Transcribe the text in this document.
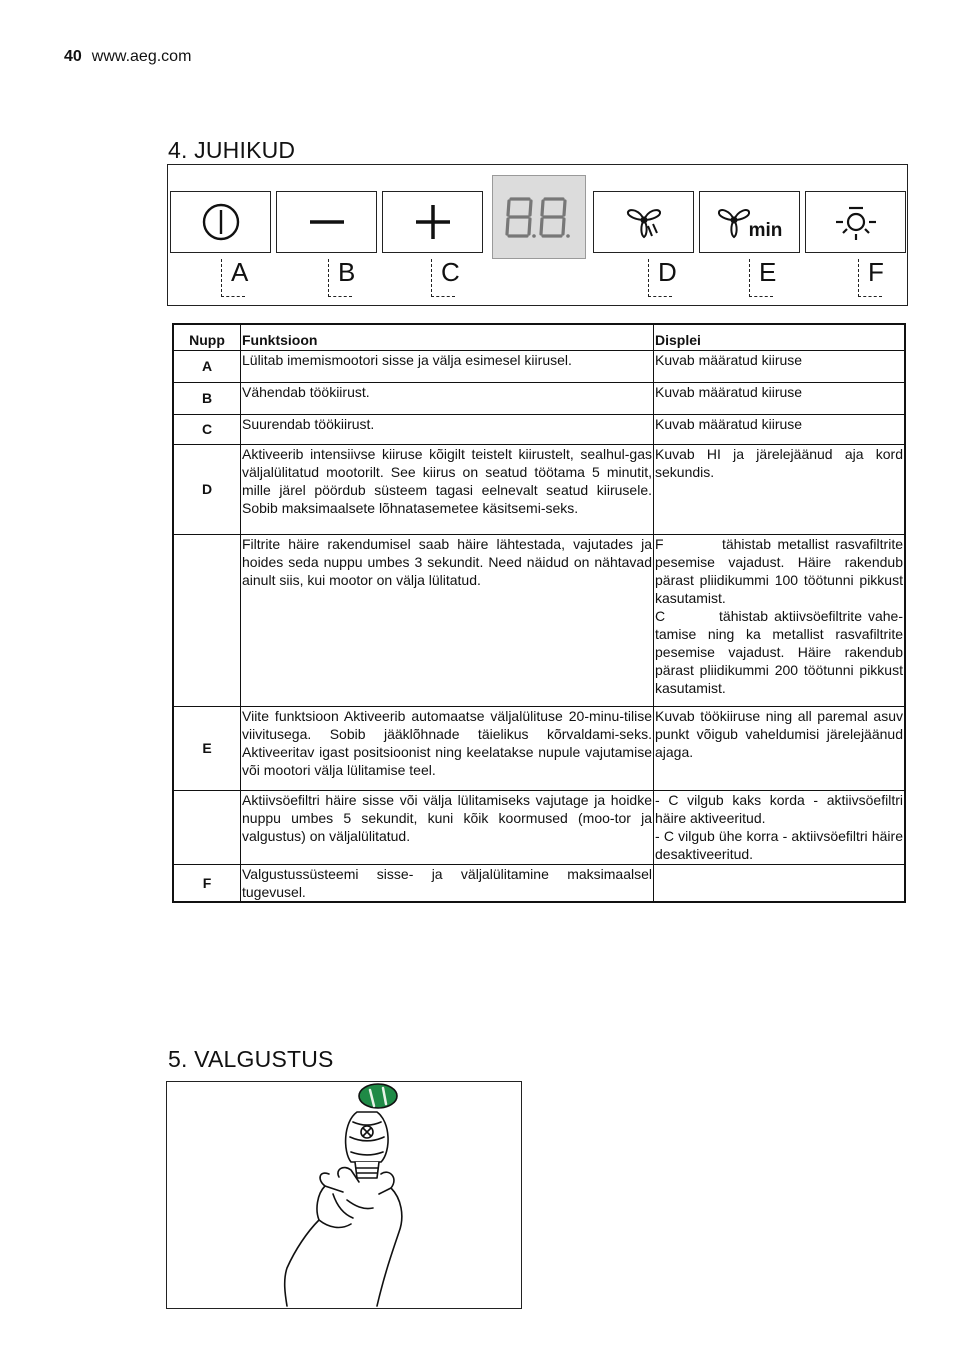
40 www.aeg.com
4. JUHIKUD
min
A	B	C	D	E	F
Nupp	Funktsioon	Displei
A	Lülitab imemismootori sisse ja välja esimesel kiirusel.	Kuvab määratud kiiruse
B	Vähendab töökiirust.	Kuvab määratud kiiruse
C	Suurendab töökiirust.	Kuvab määratud kiiruse
D	Aktiveerib intensiivse kiiruse kõigilt teistelt kiirustelt, sealhul-gas väljalülitatud mootorilt. See kiirus on seatud töötama 5 minutit, mille järel pöördub süsteem tagasi eelnevalt seatud kiirusele. Sobib maksimaalsete lõhnatasemetee käsitsemi-seks.	Kuvab HI ja järelejäänud aja kord sekundis.
	Filtrite häire rakendumisel saab häire lähtestada, vajutades ja hoides seda nuppu umbes 3 sekundit. Need näidud on nähtavad ainult siis, kui mootor on välja lülitatud.	F         tähistab metallist rasvafiltrite pesemise vajadust. Häire rakendub pärast pliidikummi 100 töötunni pikkust kasutamist.
C         tähistab aktiivsöefiltrite vahe-tamise ning ka metallist rasvafiltrite pesemise vajadust. Häire rakendub pärast pliidikummi 200 töötunni pikkust kasutamist.

E	Viite funktsioon Aktiveerib automaatse väljalülituse 20-minu-tilise viivitusega. Sobib jääklõhnade täielikus kõrvaldami-seks. Aktiveeritav igast positsioonist ning keelatakse nupule vajutamise või mootori välja lülitamise teel.	Kuvab töökiiruse ning all paremal asuv punkt võigub vaheldumisi järelejäänud ajaga.
	Aktiivsöefiltri häire sisse või välja lülitamiseks vajutage ja hoidke nuppu umbes 5 sekundit, kuni kõik koormused (moo-tor ja valgustus) on väljalülitatud.	- C vilgub kaks korda - aktiivsöefiltri häire aktiveeritud.
- C vilgub ühe korra - aktiivsöefiltri häire desaktiveeritud.

F	Valgustussüsteemi sisse- ja väljalülitamine maksimaalsel tugevusel.	
5. VALGUSTUS
